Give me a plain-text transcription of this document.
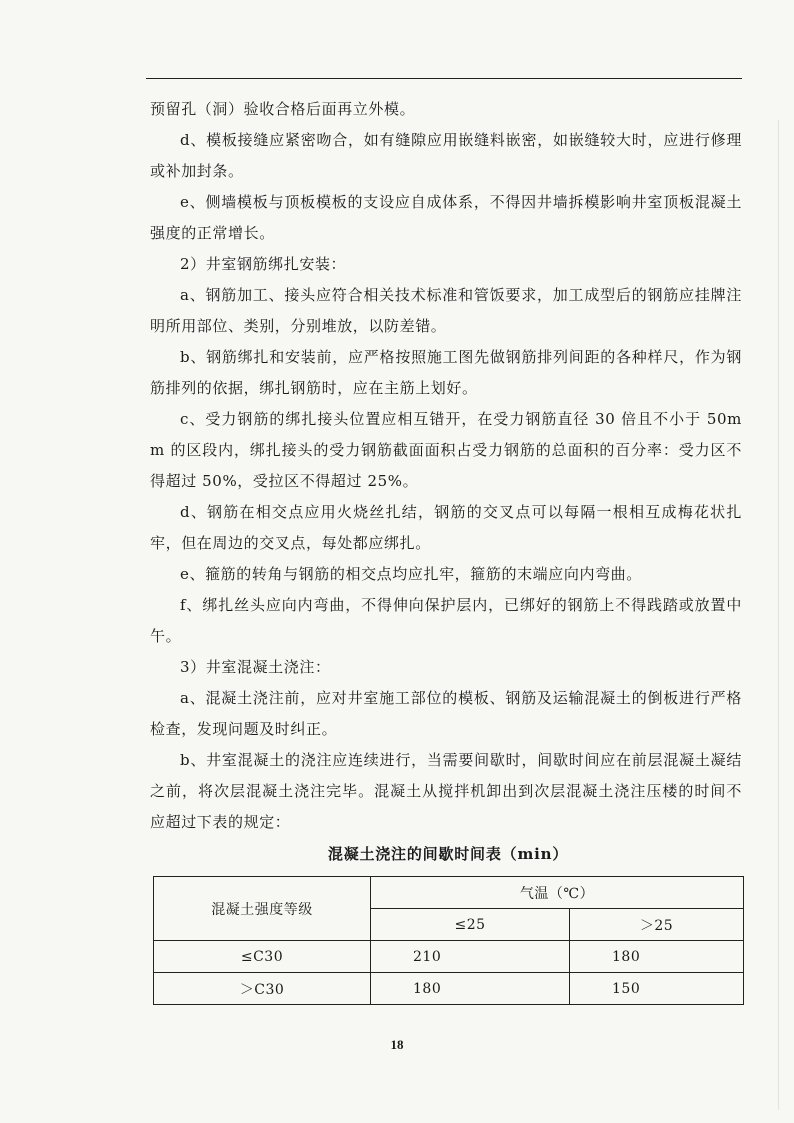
预留孔（洞）验收合格后面再立外模。

d、模板接缝应紧密吻合，如有缝隙应用嵌缝料嵌密，如嵌缝较大时，应进行修理或补加封条。

e、侧墙模板与顶板模板的支设应自成体系，不得因井墙拆模影响井室顶板混凝土强度的正常增长。

2）井室钢筋绑扎安装：

a、钢筋加工、接头应符合相关技术标准和管饭要求，加工成型后的钢筋应挂牌注明所用部位、类别，分别堆放，以防差错。

b、钢筋绑扎和安装前，应严格按照施工图先做钢筋排列间距的各种样尺，作为钢筋排列的依据，绑扎钢筋时，应在主筋上划好。

c、受力钢筋的绑扎接头位置应相互错开，在受力钢筋直径 30 倍且不小于 50mm 的区段内，绑扎接头的受力钢筋截面面积占受力钢筋的总面积的百分率：受力区不得超过 50%，受拉区不得超过 25%。

d、钢筋在相交点应用火烧丝扎结，钢筋的交叉点可以每隔一根相互成梅花状扎牢，但在周边的交叉点，每处都应绑扎。

e、箍筋的转角与钢筋的相交点均应扎牢，箍筋的末端应向内弯曲。

f、绑扎丝头应向内弯曲，不得伸向保护层内，已绑好的钢筋上不得践踏或放置中午。

3）井室混凝土浇注：

a、混凝土浇注前，应对井室施工部位的模板、钢筋及运输混凝土的倒板进行严格检查，发现问题及时纠正。

b、井室混凝土的浇注应连续进行，当需要间歇时，间歇时间应在前层混凝土凝结之前，将次层混凝土浇注完毕。混凝土从搅拌机卸出到次层混凝土浇注压楼的时间不应超过下表的规定：

混凝土浇注的间歇时间表（min）

混凝土强度等级	气温（℃）	
	≤25	＞25
≤C30	210	180
＞C30	180	150
18
